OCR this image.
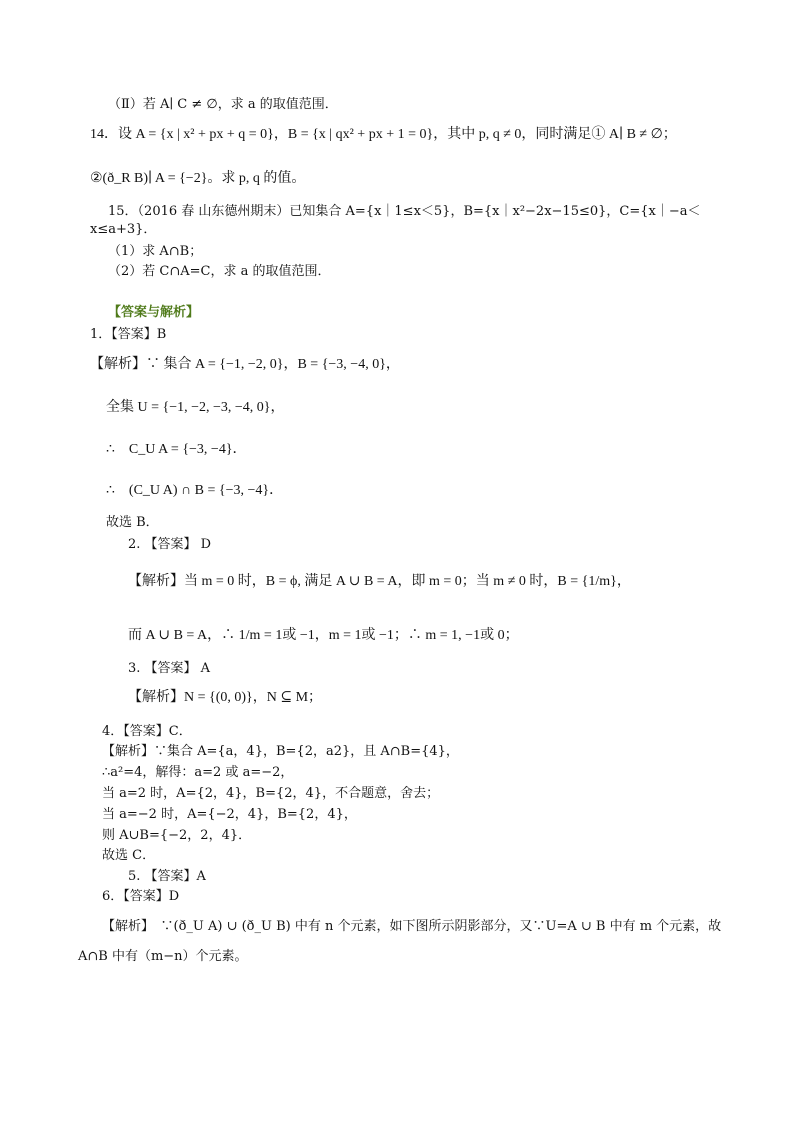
（Ⅱ）若 A∣ C ≠ ∅，求 a 的取值范围．
14．设 A = {x | x² + px + q = 0}，B = {x | qx² + px + 1 = 0}，其中 p, q ≠ 0，同时满足① A∣ B ≠ ∅；
②(ð_R B)∣ A = {−2}。求 p, q 的值。
15．（2016 春 山东德州期末）已知集合 A={x｜1≤x＜5}，B={x｜x²−2x−15≤0}，C={x｜−a＜
x≤a+3}．
（1）求 A∩B；
（2）若 C∩A=C，求 a 的取值范围．
【答案与解析】
1．【答案】B
【解析】∵ 集合 A = {−1, −2, 0}，B = {−3, −4, 0}，
全集 U = {−1, −2, −3, −4, 0}，
∴　C_U A = {−3, −4}．
∴　(C_U A) ∩ B = {−3, −4}．
故选 B．
2. 【答案】 D
【解析】当 m = 0 时，B = ϕ, 满足 A ∪ B = A，即 m = 0；当 m ≠ 0 时，B = {1/m}，
而 A ∪ B = A，∴ 1/m = 1或 −1，m = 1或 −1；∴ m = 1, −1或 0；
3. 【答案】 A
【解析】N = {(0, 0)}，N ⊆ M；
4．【答案】C．
【解析】∵集合 A={a，4}，B={2，a2}，且 A∩B={4}，
∴a²=4，解得：a=2 或 a=−2，
当 a=2 时，A={2，4}，B={2，4}，不合题意，舍去；
当 a=−2 时，A={−2，4}，B={2，4}，
则 A∪B={−2，2，4}．
故选 C．
5. 【答案】A
6．【答案】D
【解析】　∵(ð_U A) ∪ (ð_U B) 中有 n 个元素，如下图所示阴影部分，又∵U=A ∪ B 中有 m 个元素，故
A∩B 中有（m−n）个元素。
